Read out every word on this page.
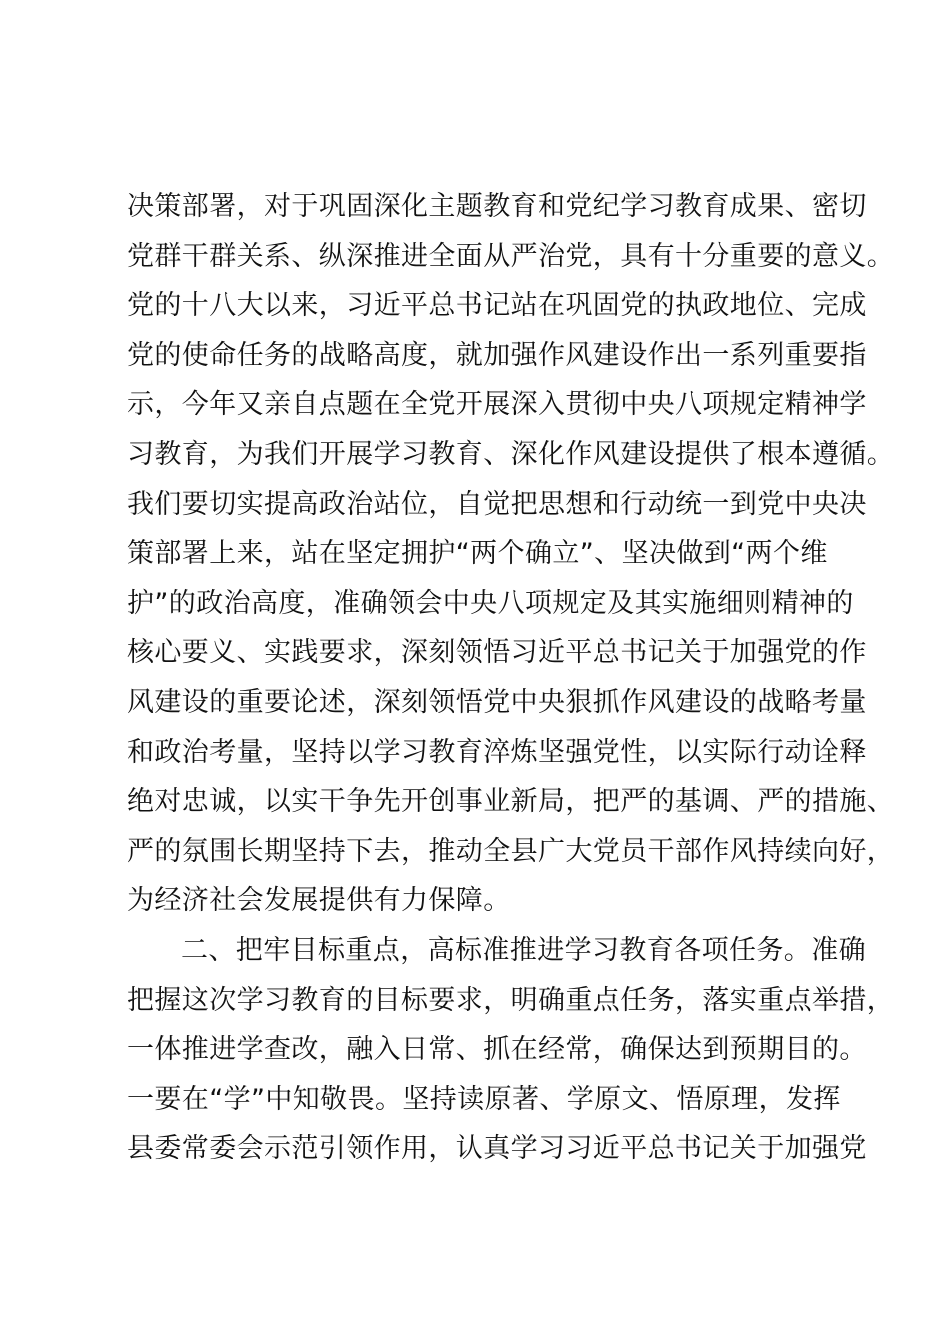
决策部署，对于巩固深化主题教育和党纪学习教育成果、密切
党群干群关系、纵深推进全面从严治党，具有十分重要的意义。
党的十八大以来，习近平总书记站在巩固党的执政地位、完成
党的使命任务的战略高度，就加强作风建设作出一系列重要指
示，今年又亲自点题在全党开展深入贯彻中央八项规定精神学
习教育，为我们开展学习教育、深化作风建设提供了根本遵循。
我们要切实提高政治站位，自觉把思想和行动统一到党中央决
策部署上来，站在坚定拥护“两个确立”、坚决做到“两个维
护”的政治高度，准确领会中央八项规定及其实施细则精神的
核心要义、实践要求，深刻领悟习近平总书记关于加强党的作
风建设的重要论述，深刻领悟党中央狠抓作风建设的战略考量
和政治考量，坚持以学习教育淬炼坚强党性，以实际行动诠释
绝对忠诚，以实干争先开创事业新局，把严的基调、严的措施、
严的氛围长期坚持下去，推动全县广大党员干部作风持续向好，
为经济社会发展提供有力保障。
二、把牢目标重点，高标准推进学习教育各项任务。准确
把握这次学习教育的目标要求，明确重点任务，落实重点举措，
一体推进学查改，融入日常、抓在经常，确保达到预期目的。
一要在“学”中知敬畏。坚持读原著、学原文、悟原理，发挥
县委常委会示范引领作用，认真学习习近平总书记关于加强党
